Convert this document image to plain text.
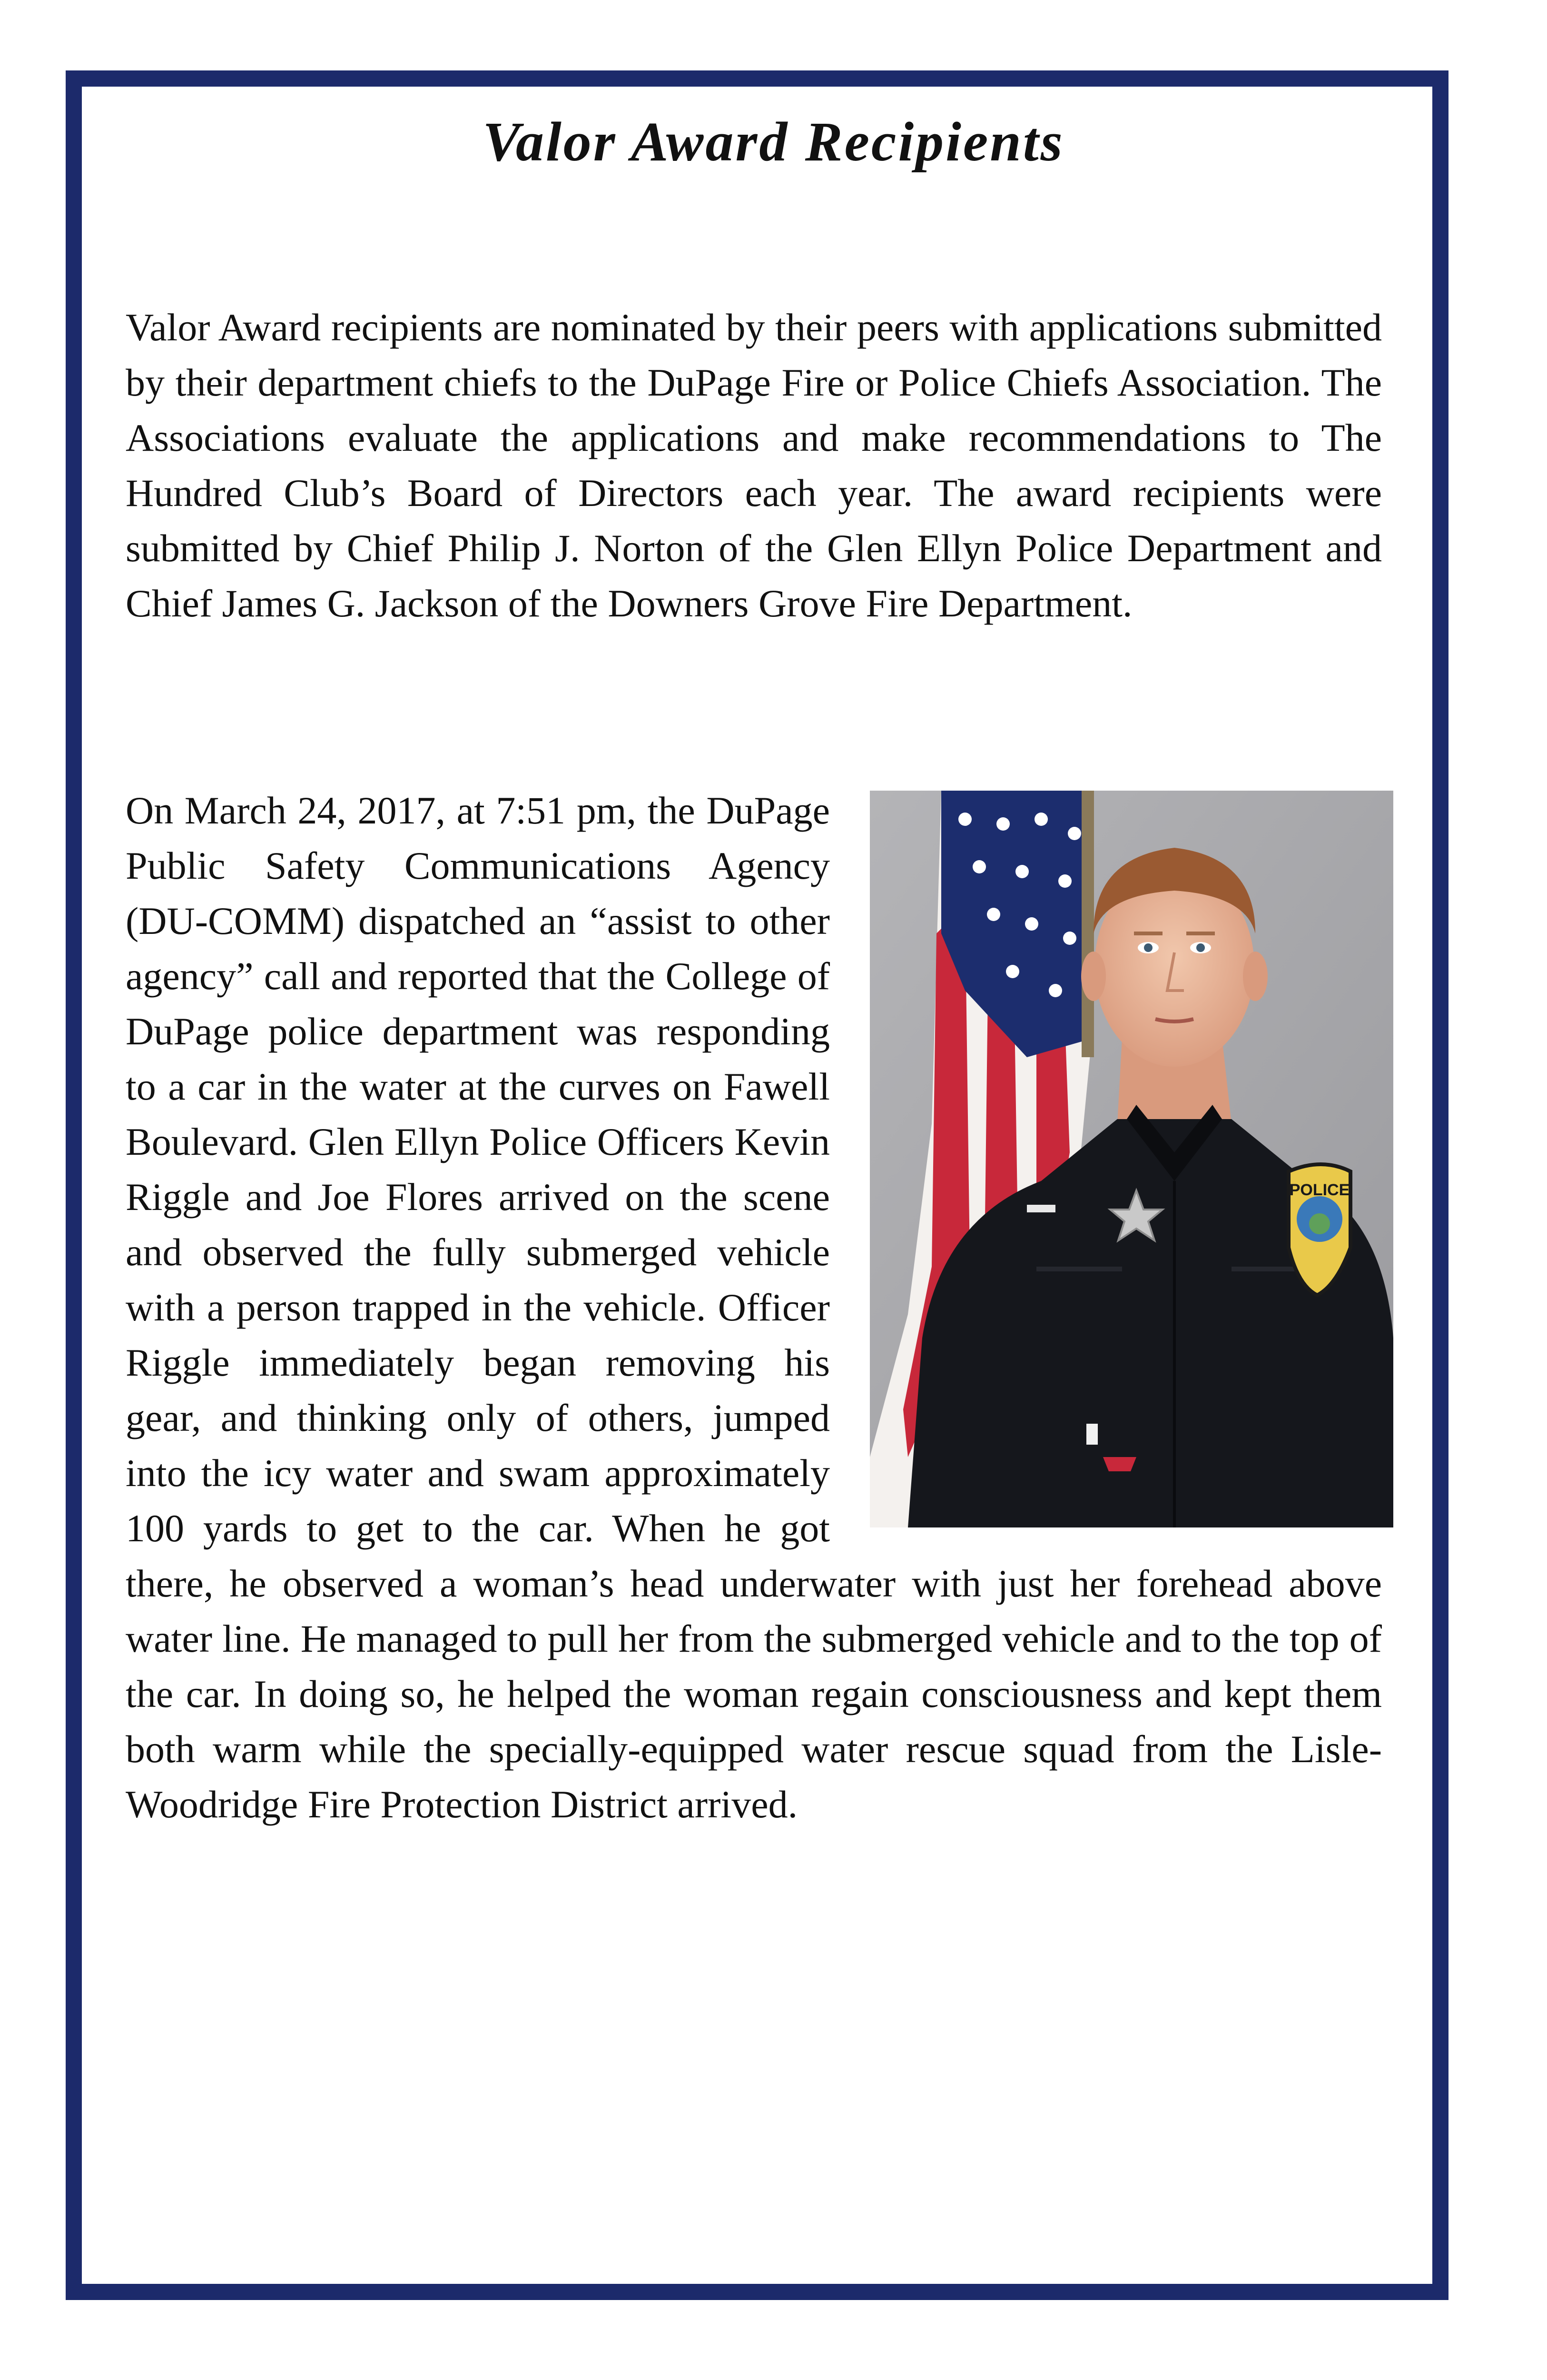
Valor Award Recipients

Valor Award recipients are nominated by their peers with applications submitted by their department chiefs to the DuPage Fire or Police Chiefs Association. The Associations evaluate the applications and make recommendations to The Hundred Club’s Board of Directors each year. The award recipients were submitted by Chief Philip J. Norton of the Glen Ellyn Police Department and Chief James G. Jackson of the Downers Grove Fire Department.

POLICE
On March 24, 2017, at 7:51 pm, the DuPage Public Safety Communications Agency (DU-COMM) dispatched an “assist to other agency” call and reported that the College of DuPage police department was responding to a car in the water at the curves on Fawell Boulevard. Glen Ellyn Police Officers Kevin Riggle and Joe Flores arrived on the scene and observed the fully submerged vehicle with a person trapped in the vehicle. Officer Riggle immediately began removing his gear, and thinking only of others, jumped into the icy water and swam approximately 100 yards to get to the car. When he got there, he observed a woman’s head underwater with just her forehead above water line. He managed to pull her from the submerged vehicle and to the top of the car. In doing so, he helped the woman regain consciousness and kept them both warm while the specially-equipped water rescue squad from the Lisle-Woodridge Fire Protection District arrived.
